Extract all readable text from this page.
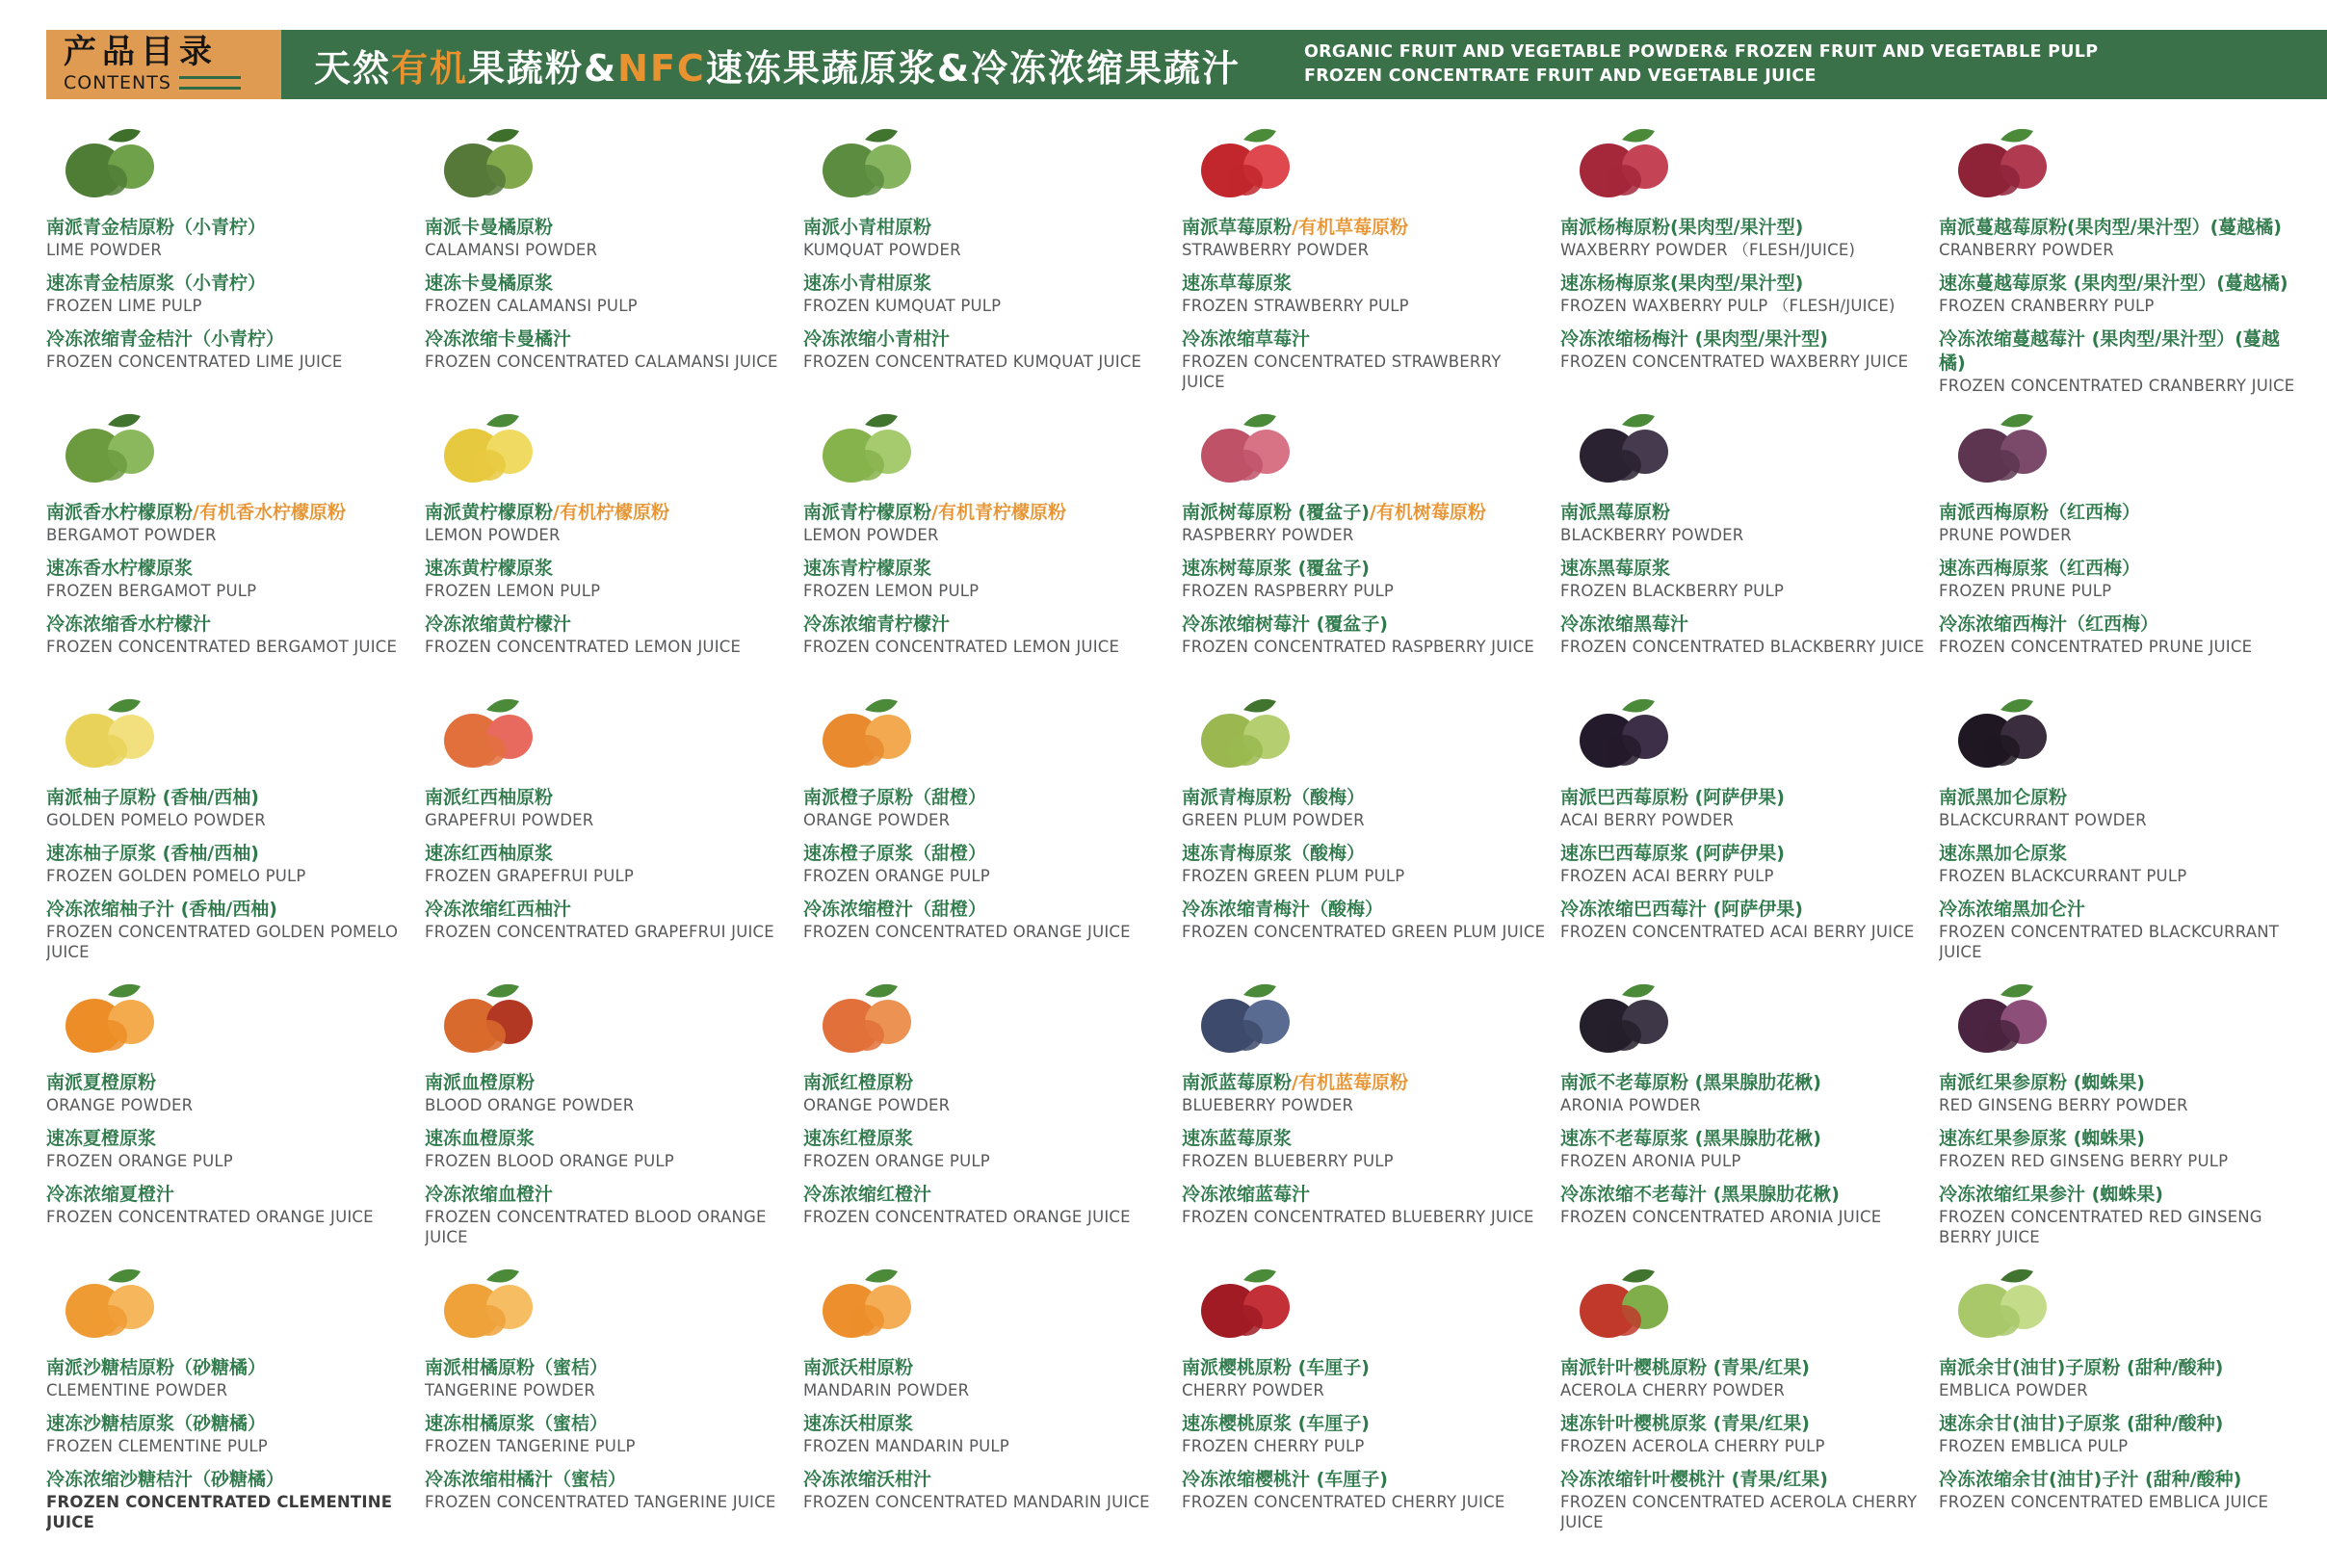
产品目录
CONTENTS	天然有机果蔬粉&NFC速冻果蔬原浆&冷冻浓缩果蔬汁	ORGANIC FRUIT AND VEGETABLE POWDER& FROZEN FRUIT AND VEGETABLE PULP
FROZEN CONCENTRATE FRUIT AND VEGETABLE JUICE
南派青金桔原粉（小青柠）
LIME POWDER
速冻青金桔原浆（小青柠）
FROZEN LIME PULP
冷冻浓缩青金桔汁（小青柠）
FROZEN CONCENTRATED LIME JUICE
南派卡曼橘原粉
CALAMANSI POWDER
速冻卡曼橘原浆
FROZEN CALAMANSI PULP
冷冻浓缩卡曼橘汁
FROZEN CONCENTRATED CALAMANSI JUICE
南派小青柑原粉
KUMQUAT POWDER
速冻小青柑原浆
FROZEN KUMQUAT PULP
冷冻浓缩小青柑汁
FROZEN CONCENTRATED KUMQUAT JUICE
南派草莓原粉/有机草莓原粉
STRAWBERRY POWDER
速冻草莓原浆
FROZEN STRAWBERRY PULP
冷冻浓缩草莓汁
FROZEN CONCENTRATED STRAWBERRY JUICE
南派杨梅原粉(果肉型/果汁型)
WAXBERRY POWDER （FLESH/JUICE)
速冻杨梅原浆(果肉型/果汁型)
FROZEN WAXBERRY PULP （FLESH/JUICE)
冷冻浓缩杨梅汁 (果肉型/果汁型)
FROZEN CONCENTRATED WAXBERRY JUICE
南派蔓越莓原粉(果肉型/果汁型）(蔓越橘)
CRANBERRY POWDER
速冻蔓越莓原浆 (果肉型/果汁型）(蔓越橘)
FROZEN CRANBERRY PULP
冷冻浓缩蔓越莓汁 (果肉型/果汁型）(蔓越橘)
FROZEN CONCENTRATED CRANBERRY JUICE
南派香水柠檬原粉/有机香水柠檬原粉
BERGAMOT POWDER
速冻香水柠檬原浆
FROZEN BERGAMOT PULP
冷冻浓缩香水柠檬汁
FROZEN CONCENTRATED BERGAMOT JUICE
南派黄柠檬原粉/有机柠檬原粉
LEMON POWDER
速冻黄柠檬原浆
FROZEN LEMON PULP
冷冻浓缩黄柠檬汁
FROZEN CONCENTRATED LEMON JUICE
南派青柠檬原粉/有机青柠檬原粉
LEMON POWDER
速冻青柠檬原浆
FROZEN LEMON PULP
冷冻浓缩青柠檬汁
FROZEN CONCENTRATED LEMON JUICE
南派树莓原粉 (覆盆子)/有机树莓原粉
RASPBERRY POWDER
速冻树莓原浆 (覆盆子)
FROZEN RASPBERRY PULP
冷冻浓缩树莓汁 (覆盆子)
FROZEN CONCENTRATED RASPBERRY JUICE
南派黑莓原粉
BLACKBERRY POWDER
速冻黑莓原浆
FROZEN BLACKBERRY PULP
冷冻浓缩黑莓汁
FROZEN CONCENTRATED BLACKBERRY JUICE
南派西梅原粉（红西梅）
PRUNE POWDER
速冻西梅原浆（红西梅）
FROZEN PRUNE PULP
冷冻浓缩西梅汁（红西梅）
FROZEN CONCENTRATED PRUNE JUICE
南派柚子原粉 (香柚/西柚)
GOLDEN POMELO POWDER
速冻柚子原浆 (香柚/西柚)
FROZEN GOLDEN POMELO PULP
冷冻浓缩柚子汁 (香柚/西柚)
FROZEN CONCENTRATED GOLDEN POMELO JUICE
南派红西柚原粉
GRAPEFRUI POWDER
速冻红西柚原浆
FROZEN GRAPEFRUI PULP
冷冻浓缩红西柚汁
FROZEN CONCENTRATED GRAPEFRUI JUICE
南派橙子原粉（甜橙）
ORANGE POWDER
速冻橙子原浆（甜橙）
FROZEN ORANGE PULP
冷冻浓缩橙汁（甜橙）
FROZEN CONCENTRATED ORANGE JUICE
南派青梅原粉（酸梅）
GREEN PLUM POWDER
速冻青梅原浆（酸梅）
FROZEN GREEN PLUM PULP
冷冻浓缩青梅汁（酸梅）
FROZEN CONCENTRATED GREEN PLUM JUICE
南派巴西莓原粉 (阿萨伊果)
ACAI BERRY POWDER
速冻巴西莓原浆 (阿萨伊果)
FROZEN ACAI BERRY PULP
冷冻浓缩巴西莓汁 (阿萨伊果)
FROZEN CONCENTRATED ACAI BERRY JUICE
南派黑加仑原粉
BLACKCURRANT POWDER
速冻黑加仑原浆
FROZEN BLACKCURRANT PULP
冷冻浓缩黑加仑汁
FROZEN CONCENTRATED BLACKCURRANT JUICE
南派夏橙原粉
ORANGE POWDER
速冻夏橙原浆
FROZEN ORANGE PULP
冷冻浓缩夏橙汁
FROZEN CONCENTRATED ORANGE JUICE
南派血橙原粉
BLOOD ORANGE POWDER
速冻血橙原浆
FROZEN BLOOD ORANGE PULP
冷冻浓缩血橙汁
FROZEN CONCENTRATED BLOOD ORANGE JUICE
南派红橙原粉
ORANGE POWDER
速冻红橙原浆
FROZEN ORANGE PULP
冷冻浓缩红橙汁
FROZEN CONCENTRATED ORANGE JUICE
南派蓝莓原粉/有机蓝莓原粉
BLUEBERRY POWDER
速冻蓝莓原浆
FROZEN BLUEBERRY PULP
冷冻浓缩蓝莓汁
FROZEN CONCENTRATED BLUEBERRY JUICE
南派不老莓原粉 (黑果腺肋花楸)
ARONIA POWDER
速冻不老莓原浆 (黑果腺肋花楸)
FROZEN ARONIA PULP
冷冻浓缩不老莓汁 (黑果腺肋花楸)
FROZEN CONCENTRATED ARONIA JUICE
南派红果参原粉 (蜘蛛果)
RED GINSENG BERRY POWDER
速冻红果参原浆 (蜘蛛果)
FROZEN RED GINSENG BERRY PULP
冷冻浓缩红果参汁 (蜘蛛果)
FROZEN CONCENTRATED RED GINSENG BERRY JUICE
南派沙糖桔原粉（砂糖橘）
CLEMENTINE POWDER
速冻沙糖桔原浆（砂糖橘）
FROZEN CLEMENTINE PULP
冷冻浓缩沙糖桔汁（砂糖橘）
FROZEN CONCENTRATED CLEMENTINE JUICE
南派柑橘原粉（蜜桔）
TANGERINE POWDER
速冻柑橘原浆（蜜桔）
FROZEN TANGERINE PULP
冷冻浓缩柑橘汁（蜜桔）
FROZEN CONCENTRATED TANGERINE JUICE
南派沃柑原粉
MANDARIN POWDER
速冻沃柑原浆
FROZEN MANDARIN PULP
冷冻浓缩沃柑汁
FROZEN CONCENTRATED MANDARIN JUICE
南派樱桃原粉 (车厘子)
CHERRY POWDER
速冻樱桃原浆 (车厘子)
FROZEN CHERRY PULP
冷冻浓缩樱桃汁 (车厘子)
FROZEN CONCENTRATED CHERRY JUICE
南派针叶樱桃原粉 (青果/红果)
ACEROLA CHERRY POWDER
速冻针叶樱桃原浆 (青果/红果)
FROZEN ACEROLA CHERRY PULP
冷冻浓缩针叶樱桃汁 (青果/红果)
FROZEN CONCENTRATED ACEROLA CHERRY JUICE
南派余甘(油甘)子原粉 (甜种/酸种)
EMBLICA POWDER
速冻余甘(油甘)子原浆 (甜种/酸种)
FROZEN EMBLICA PULP
冷冻浓缩余甘(油甘)子汁 (甜种/酸种)
FROZEN CONCENTRATED EMBLICA JUICE
